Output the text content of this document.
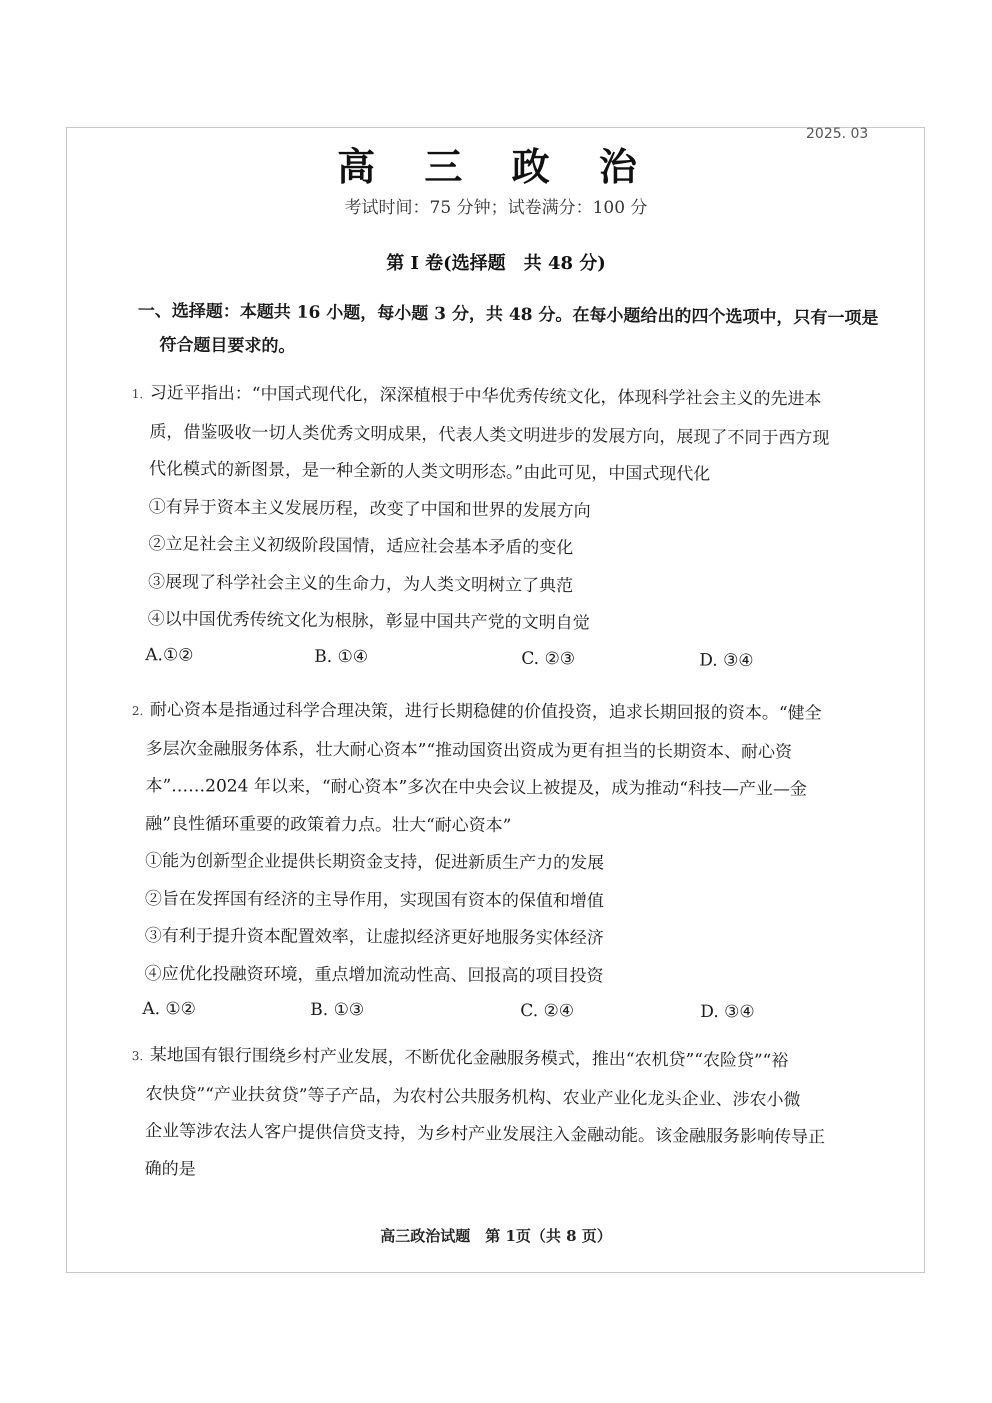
2025. 03
高 三 政 治
考试时间：75 分钟；试卷满分：100 分
第 I 卷(选择题　共 48 分)
一、选择题：本题共 16 小题，每小题 3 分，共 48 分。在每小题给出的四个选项中，只有一项是
符合题目要求的。
1. 习近平指出：“中国式现代化，深深植根于中华优秀传统文化，体现科学社会主义的先进本
质，借鉴吸收一切人类优秀文明成果，代表人类文明进步的发展方向，展现了不同于西方现
代化模式的新图景，是一种全新的人类文明形态。”由此可见，中国式现代化
①有异于资本主义发展历程，改变了中国和世界的发展方向
②立足社会主义初级阶段国情，适应社会基本矛盾的变化
③展现了科学社会主义的生命力，为人类文明树立了典范
④以中国优秀传统文化为根脉，彰显中国共产党的文明自觉
A.①②	B. ①④	C. ②③	D. ③④
2. 耐心资本是指通过科学合理决策，进行长期稳健的价值投资，追求长期回报的资本。“健全
多层次金融服务体系，壮大耐心资本”“推动国资出资成为更有担当的长期资本、耐心资
本”……2024 年以来，“耐心资本”多次在中央会议上被提及，成为推动“科技—产业—金
融”良性循环重要的政策着力点。壮大“耐心资本”
①能为创新型企业提供长期资金支持，促进新质生产力的发展
②旨在发挥国有经济的主导作用，实现国有资本的保值和增值
③有利于提升资本配置效率，让虚拟经济更好地服务实体经济
④应优化投融资环境，重点增加流动性高、回报高的项目投资
A. ①②	B. ①③	C. ②④	D. ③④
3. 某地国有银行围绕乡村产业发展，不断优化金融服务模式，推出“农机贷”“农险贷”“裕
农快贷”“产业扶贫贷”等子产品，为农村公共服务机构、农业产业化龙头企业、涉农小微
企业等涉农法人客户提供信贷支持，为乡村产业发展注入金融动能。该金融服务影响传导正
确的是
高三政治试题　第 1页（共 8 页）
